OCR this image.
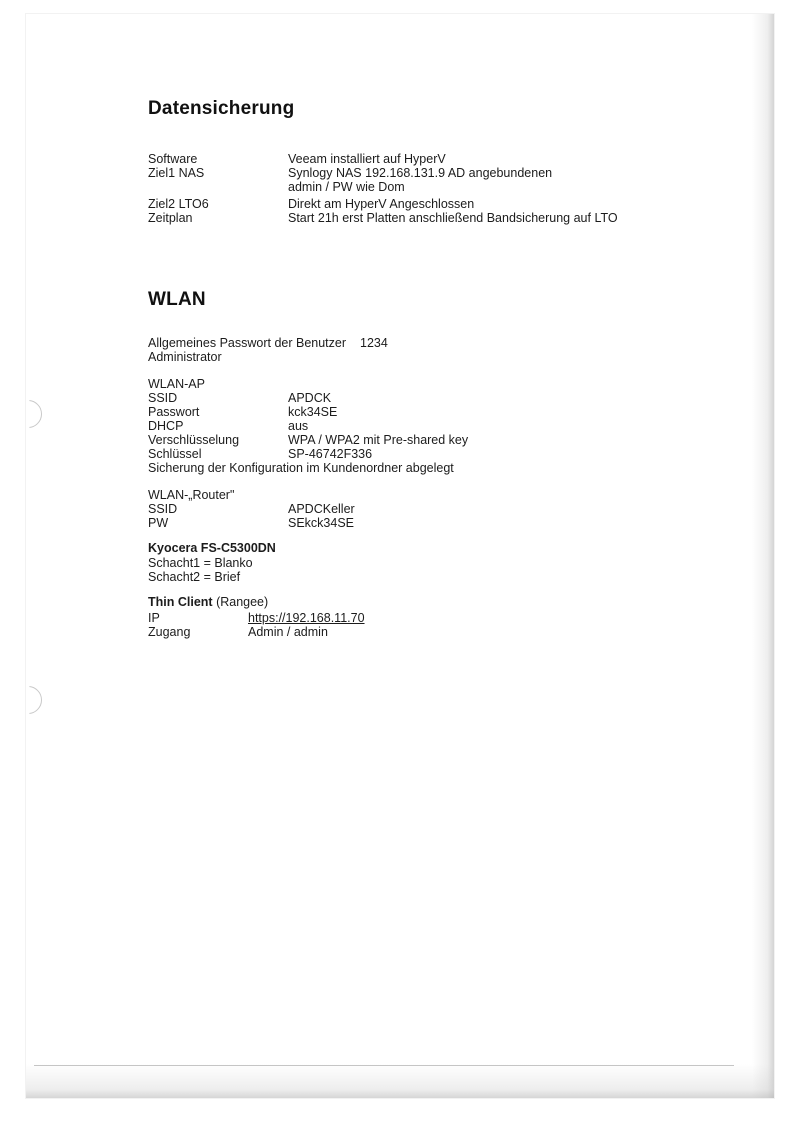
Datensicherung
Software	Veeam installiert auf HyperV
Ziel1 NAS	Synlogy NAS 192.168.131.9 AD angebundenen
admin / PW wie Dom
Ziel2 LTO6	Direkt am HyperV Angeschlossen
Zeitplan	Start 21h erst Platten anschließend Bandsicherung auf LTO
WLAN
Allgemeines Passwort der Benutzer 1234
Administrator
WLAN-AP
SSID	APDCK
Passwort	kck34SE
DHCP	aus
Verschlüsselung	WPA / WPA2 mit Pre-shared key
Schlüssel	SP-46742F336
Sicherung der Konfiguration im Kundenordner abgelegt
WLAN-„Router"
SSID	APDCKeller
PW	SEkck34SE
Kyocera FS-C5300DN
Schacht1 = Blanko
Schacht2 = Brief
Thin Client (Rangee)
IP	https://192.168.11.70
Zugang	Admin / admin
